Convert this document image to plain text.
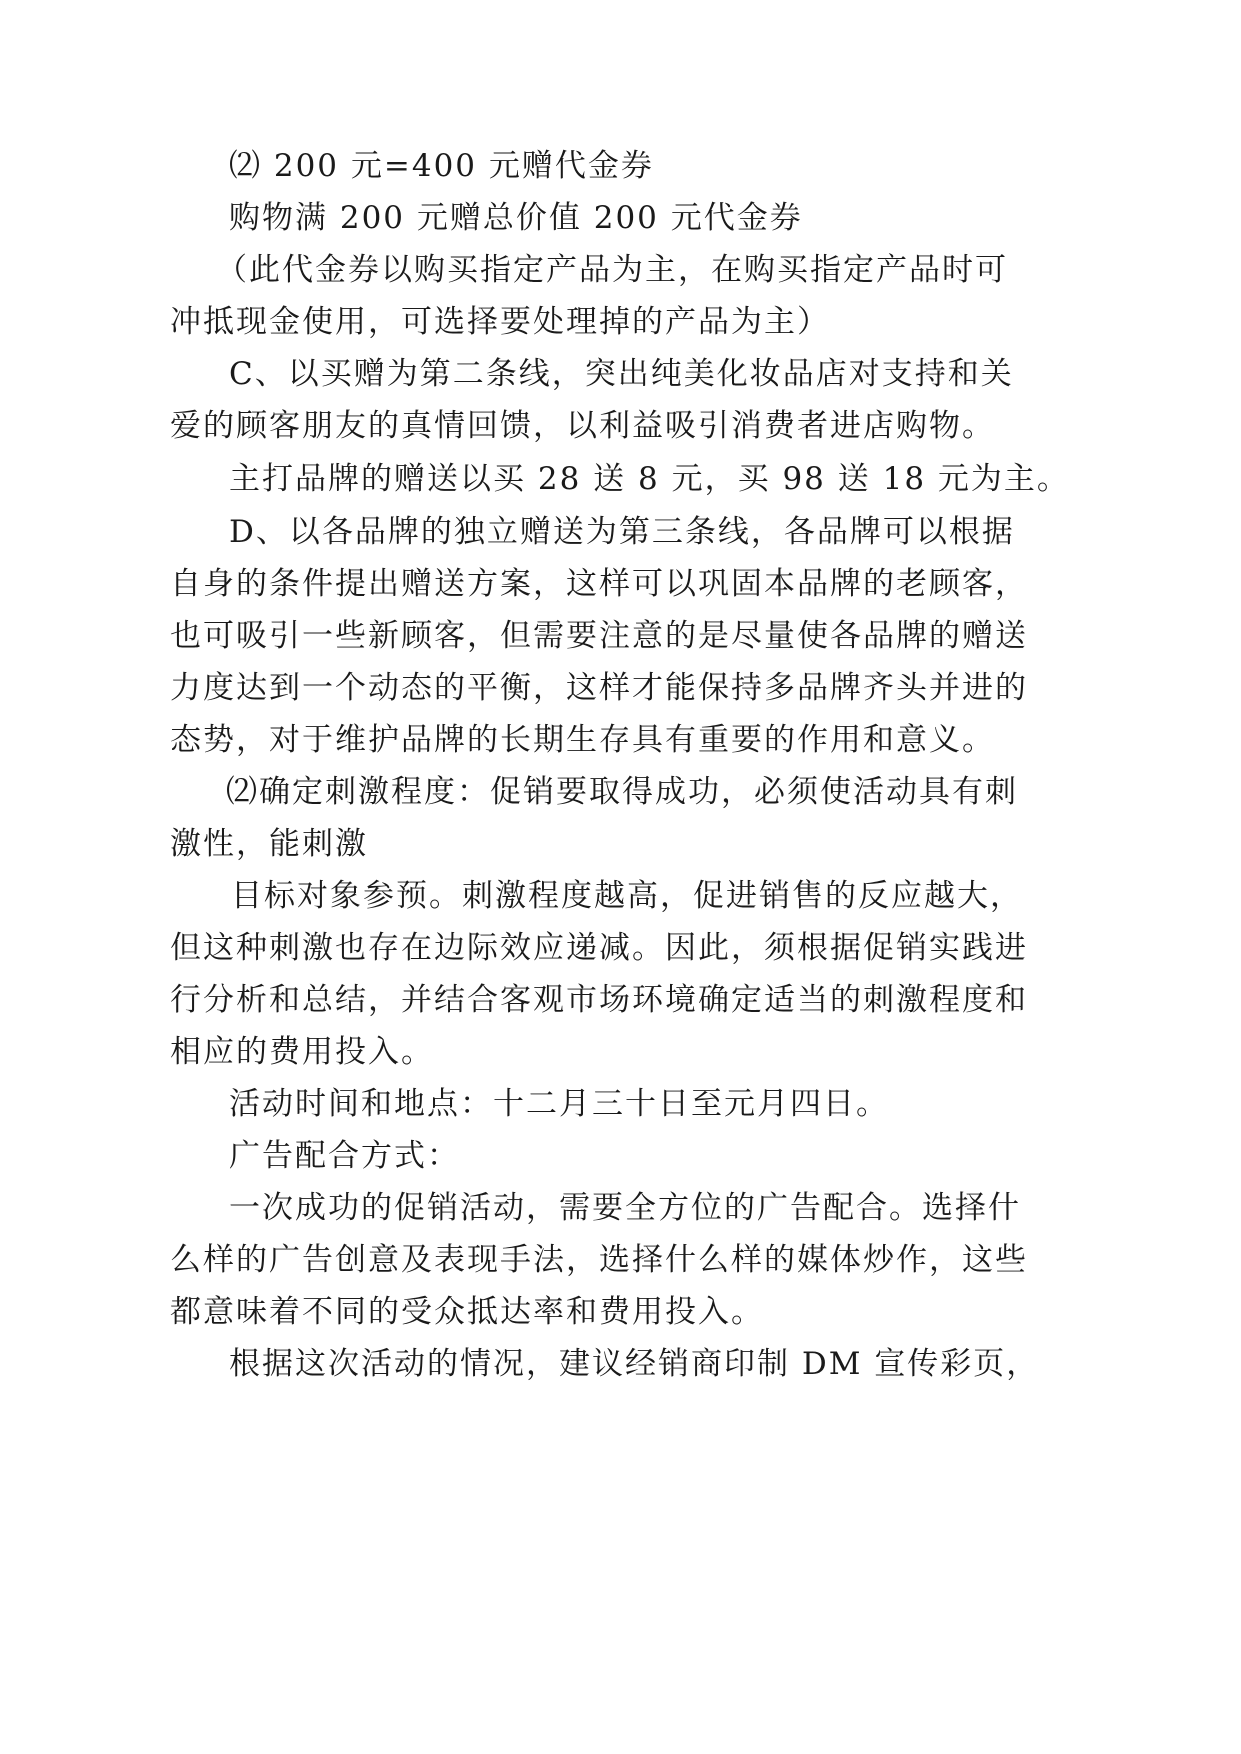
⑵ 200 元=400 元赠代金券
购物满 200 元赠总价值 200 元代金券
（此代金券以购买指定产品为主，在购买指定产品时可
冲抵现金使用，可选择要处理掉的产品为主）
C、以买赠为第二条线，突出纯美化妆品店对支持和关
爱的顾客朋友的真情回馈，以利益吸引消费者进店购物。
主打品牌的赠送以买 28 送 8 元，买 98 送 18 元为主。
D、以各品牌的独立赠送为第三条线，各品牌可以根据
自身的条件提出赠送方案，这样可以巩固本品牌的老顾客，
也可吸引一些新顾客，但需要注意的是尽量使各品牌的赠送
力度达到一个动态的平衡，这样才能保持多品牌齐头并进的
态势，对于维护品牌的长期生存具有重要的作用和意义。
⑵确定刺激程度：促销要取得成功，必须使活动具有刺
激性，能刺激
目标对象参预。刺激程度越高，促进销售的反应越大，
但这种刺激也存在边际效应递减。因此，须根据促销实践进
行分析和总结，并结合客观市场环境确定适当的刺激程度和
相应的费用投入。
活动时间和地点：十二月三十日至元月四日。
广告配合方式：
一次成功的促销活动，需要全方位的广告配合。选择什
么样的广告创意及表现手法，选择什么样的媒体炒作，这些
都意味着不同的受众抵达率和费用投入。
根据这次活动的情况，建议经销商印制 DM 宣传彩页，
